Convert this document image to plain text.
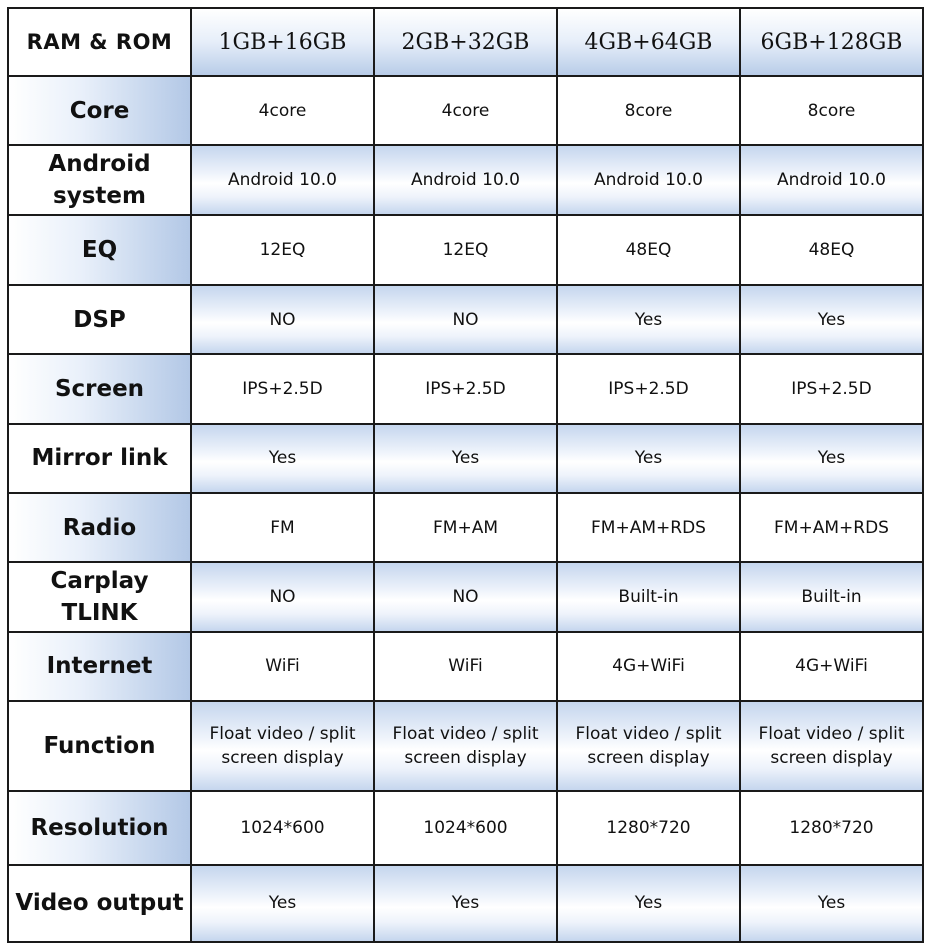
RAM & ROM	1GB+16GB	2GB+32GB	4GB+64GB	6GB+128GB
Core	4core	4core	8core	8core
Android system	Android 10.0	Android 10.0	Android 10.0	Android 10.0
EQ	12EQ	12EQ	48EQ	48EQ
DSP	NO	NO	Yes	Yes
Screen	IPS+2.5D	IPS+2.5D	IPS+2.5D	IPS+2.5D
Mirror link	Yes	Yes	Yes	Yes
Radio	FM	FM+AM	FM+AM+RDS	FM+AM+RDS
Carplay TLINK	NO	NO	Built-in	Built-in
Internet	WiFi	WiFi	4G+WiFi	4G+WiFi
Function	Float video / split screen display	Float video / split screen display	Float video / split screen display	Float video / split screen display
Resolution	1024*600	1024*600	1280*720	1280*720
Video output	Yes	Yes	Yes	Yes
